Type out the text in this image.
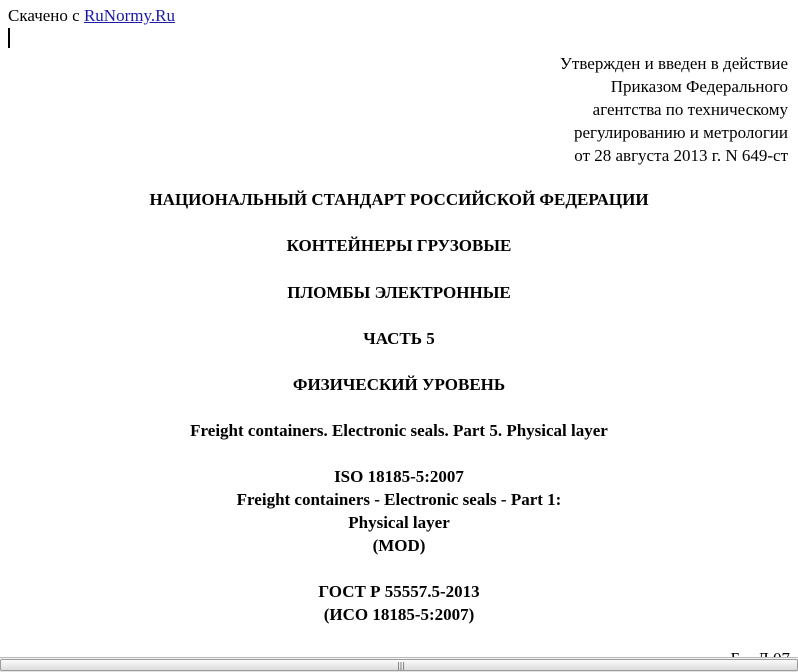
Скачено с RuNormy.Ru
Утвержден и введен в действие
Приказом Федерального
агентства по техническому
регулированию и метрологии
от 28 августа 2013 г. N 649-ст
НАЦИОНАЛЬНЫЙ СТАНДАРТ РОССИЙСКОЙ ФЕДЕРАЦИИ
КОНТЕЙНЕРЫ ГРУЗОВЫЕ
ПЛОМБЫ ЭЛЕКТРОННЫЕ
ЧАСТЬ 5
ФИЗИЧЕСКИЙ УРОВЕНЬ
Freight containers. Electronic seals. Part 5. Physical layer
ISO 18185-5:2007
Freight containers - Electronic seals - Part 1:
Physical layer
(MOD)
ГОСТ Р 55557.5-2013
(ИСО 18185-5:2007)
|||
